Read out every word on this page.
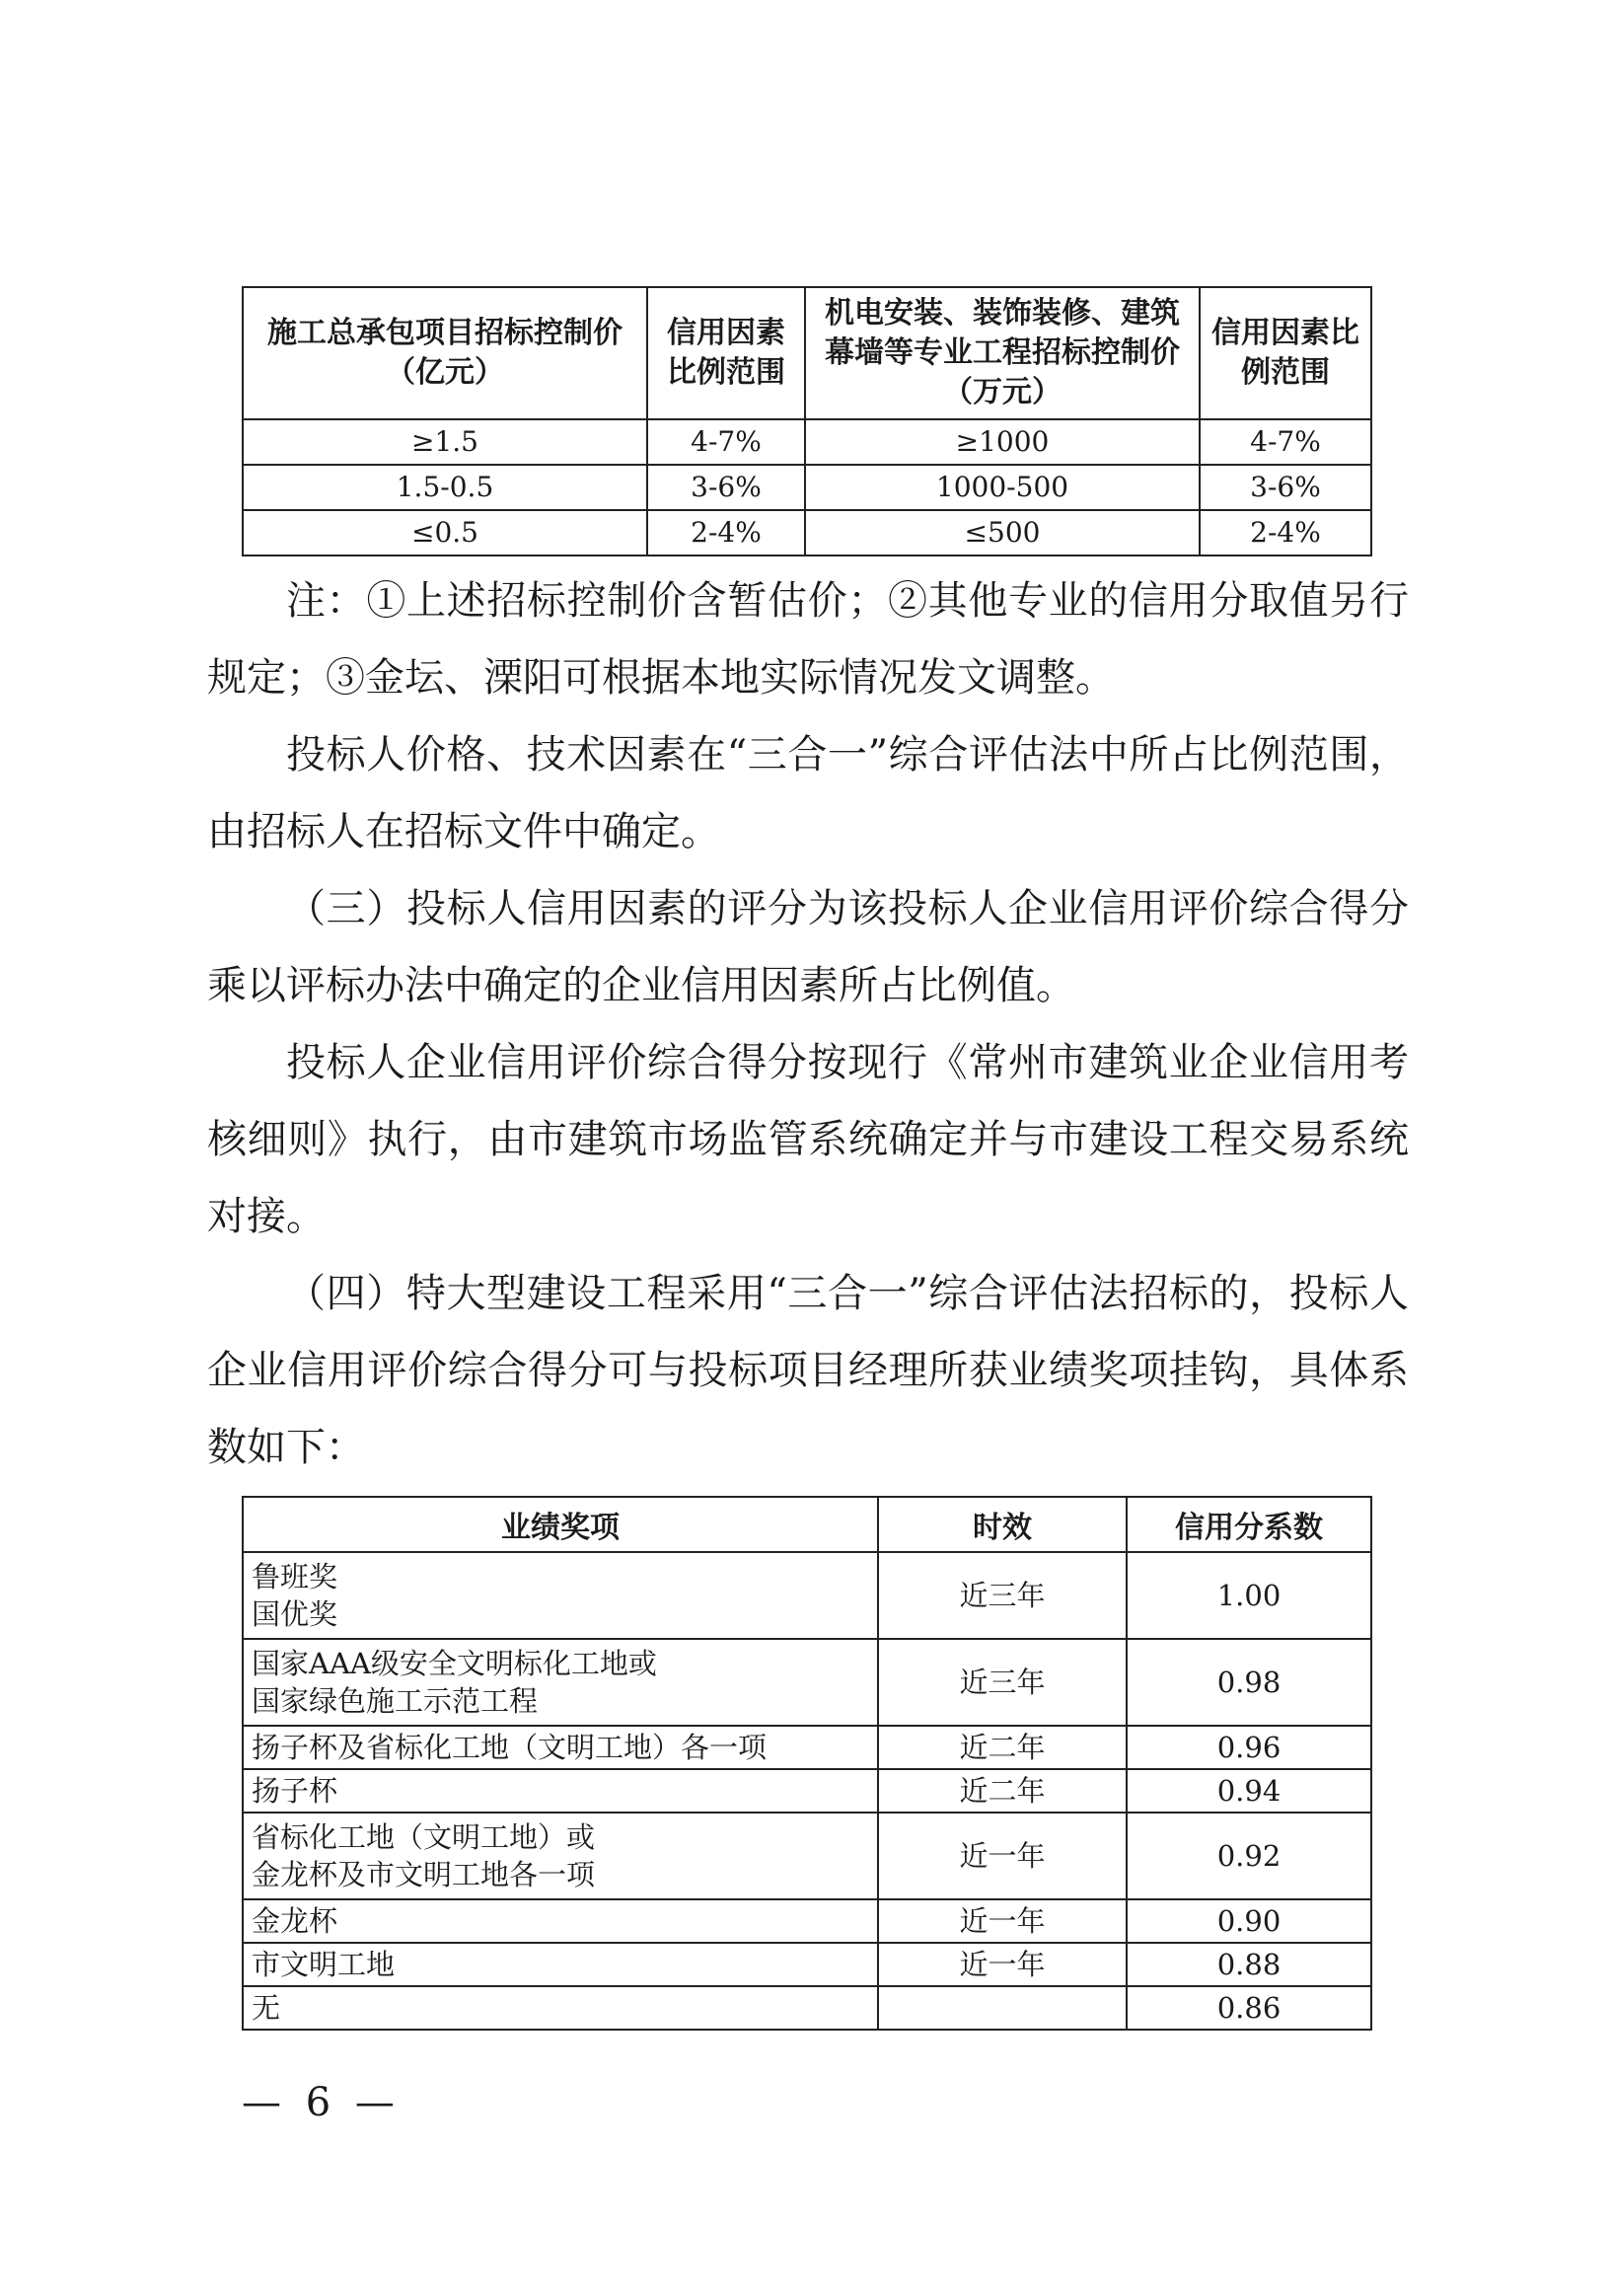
施工总承包项目招标控制价（亿元）	信用因素比例范围	机电安装、装饰装修、建筑幕墙等专业工程招标控制价（万元）	信用因素比例范围
≥1.5	4-7%	≥1000	4-7%
1.5-0.5	3-6%	1000-500	3-6%
≤0.5	2-4%	≤500	2-4%

注：①上述招标控制价含暂估价；②其他专业的信用分取值另行规定；③金坛、溧阳可根据本地实际情况发文调整。

投标人价格、技术因素在“三合一”综合评估法中所占比例范围，由招标人在招标文件中确定。

（三）投标人信用因素的评分为该投标人企业信用评价综合得分乘以评标办法中确定的企业信用因素所占比例值。

投标人企业信用评价综合得分按现行《常州市建筑业企业信用考核细则》执行，由市建筑市场监管系统确定并与市建设工程交易系统对接。

（四）特大型建设工程采用“三合一”综合评估法招标的，投标人企业信用评价综合得分可与投标项目经理所获业绩奖项挂钩，具体系数如下：

业绩奖项	时效	信用分系数
鲁班奖
国优奖	近三年	1.00
国家AAA级安全文明标化工地或
国家绿色施工示范工程	近三年	0.98
扬子杯及省标化工地（文明工地）各一项	近二年	0.96
扬子杯	近二年	0.94
省标化工地（文明工地）或
金龙杯及市文明工地各一项	近一年	0.92
金龙杯	近一年	0.90
市文明工地	近一年	0.88
无		0.86
— 6 —
